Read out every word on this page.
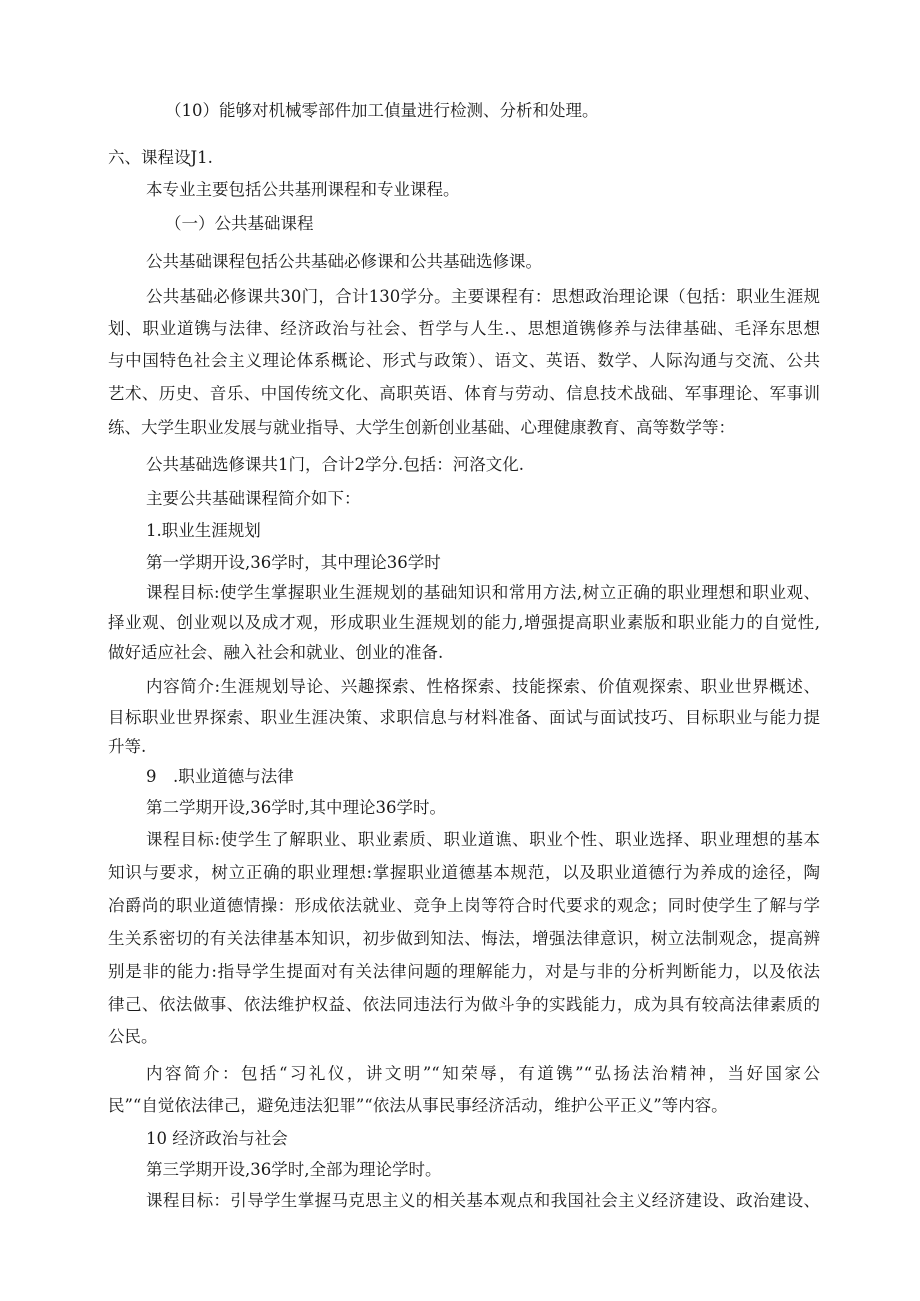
（10）能够对机械零部件加工偵量进行检测、分析和处理。
六、课程设J1.
本专业主要包括公共基刑课程和专业课程。
（一）公共基础课程
公共基础课程包括公共基础必修课和公共基础选修课。
公共基础必修课共30门，合计130学分。主要课程有：思想政治理论课（包括：职业生涯规
划、职业道镌与法律、经济政治与社会、哲学与人生.、思想道镌修养与法律基础、毛泽东思想
与中国特色社会主义理论体系概论、形式与政策）、语文、英语、数学、人际沟通与交流、公共
艺术、历史、音乐、中国传统文化、高职英语、体育与劳动、信息技术战础、军事理论、军事训
练、大学生职业发展与就业指导、大学生创新创业基础、心理健康教育、高等数学等：
公共基础选修课共1门，合计2学分.包括：河洛文化.
主要公共基础课程简介如下：
1.职业生涯规划
第一学期开设,36学时，其中理论36学时
课程目标:使学生掌握职业生涯规划的基础知识和常用方法,树立正确的职业理想和职业观、
择业观、创业观以及成才观，形成职业生涯规划的能力,增强提高职业素版和职业能力的自觉性,
做好适应社会、融入社会和就业、创业的准备.
内容简介:生涯规划导论、兴趣探索、性格探索、技能探索、价值观探索、职业世界概述、
目标职业世界探索、职业生涯决策、求职信息与材料准备、面试与面试技巧、目标职业与能力提
升等.
9　.职业道德与法律
第二学期开设,36学时,其中理论36学时。
课程目标:使学生了解职业、职业素质、职业道谯、职业个性、职业选择、职业理想的基本
知识与要求，树立正确的职业理想:掌握职业道德基本规范，以及职业道德行为养成的途径，陶
冶爵尚的职业道德情操：形成依法就业、竞争上岗等符合时代要求的观念；同时使学生了解与学
生关系密切的有关法律基本知识，初步做到知法、悔法，增强法律意识，树立法制观念，提高辨
别是非的能力:指导学生提面对有关法律问题的理解能力，对是与非的分析判断能力，以及依法
律己、依法做事、依法维护权益、依法同违法行为做斗争的实践能力，成为具有较高法律素质的
公民。
内容简介：包括“习礼仪，讲文明”“知荣辱，有道镌”“弘扬法治精神，当好国家公
民”“自觉依法律己，避免违法犯罪”“依法从事民事经济活动，维护公平正义”等内容。
10 经济政治与社会
第三学期开设,36学时,全部为理论学时。
课程目标：引导学生掌握马克思主义的相关基本观点和我国社会主义经济建设、政治建设、
